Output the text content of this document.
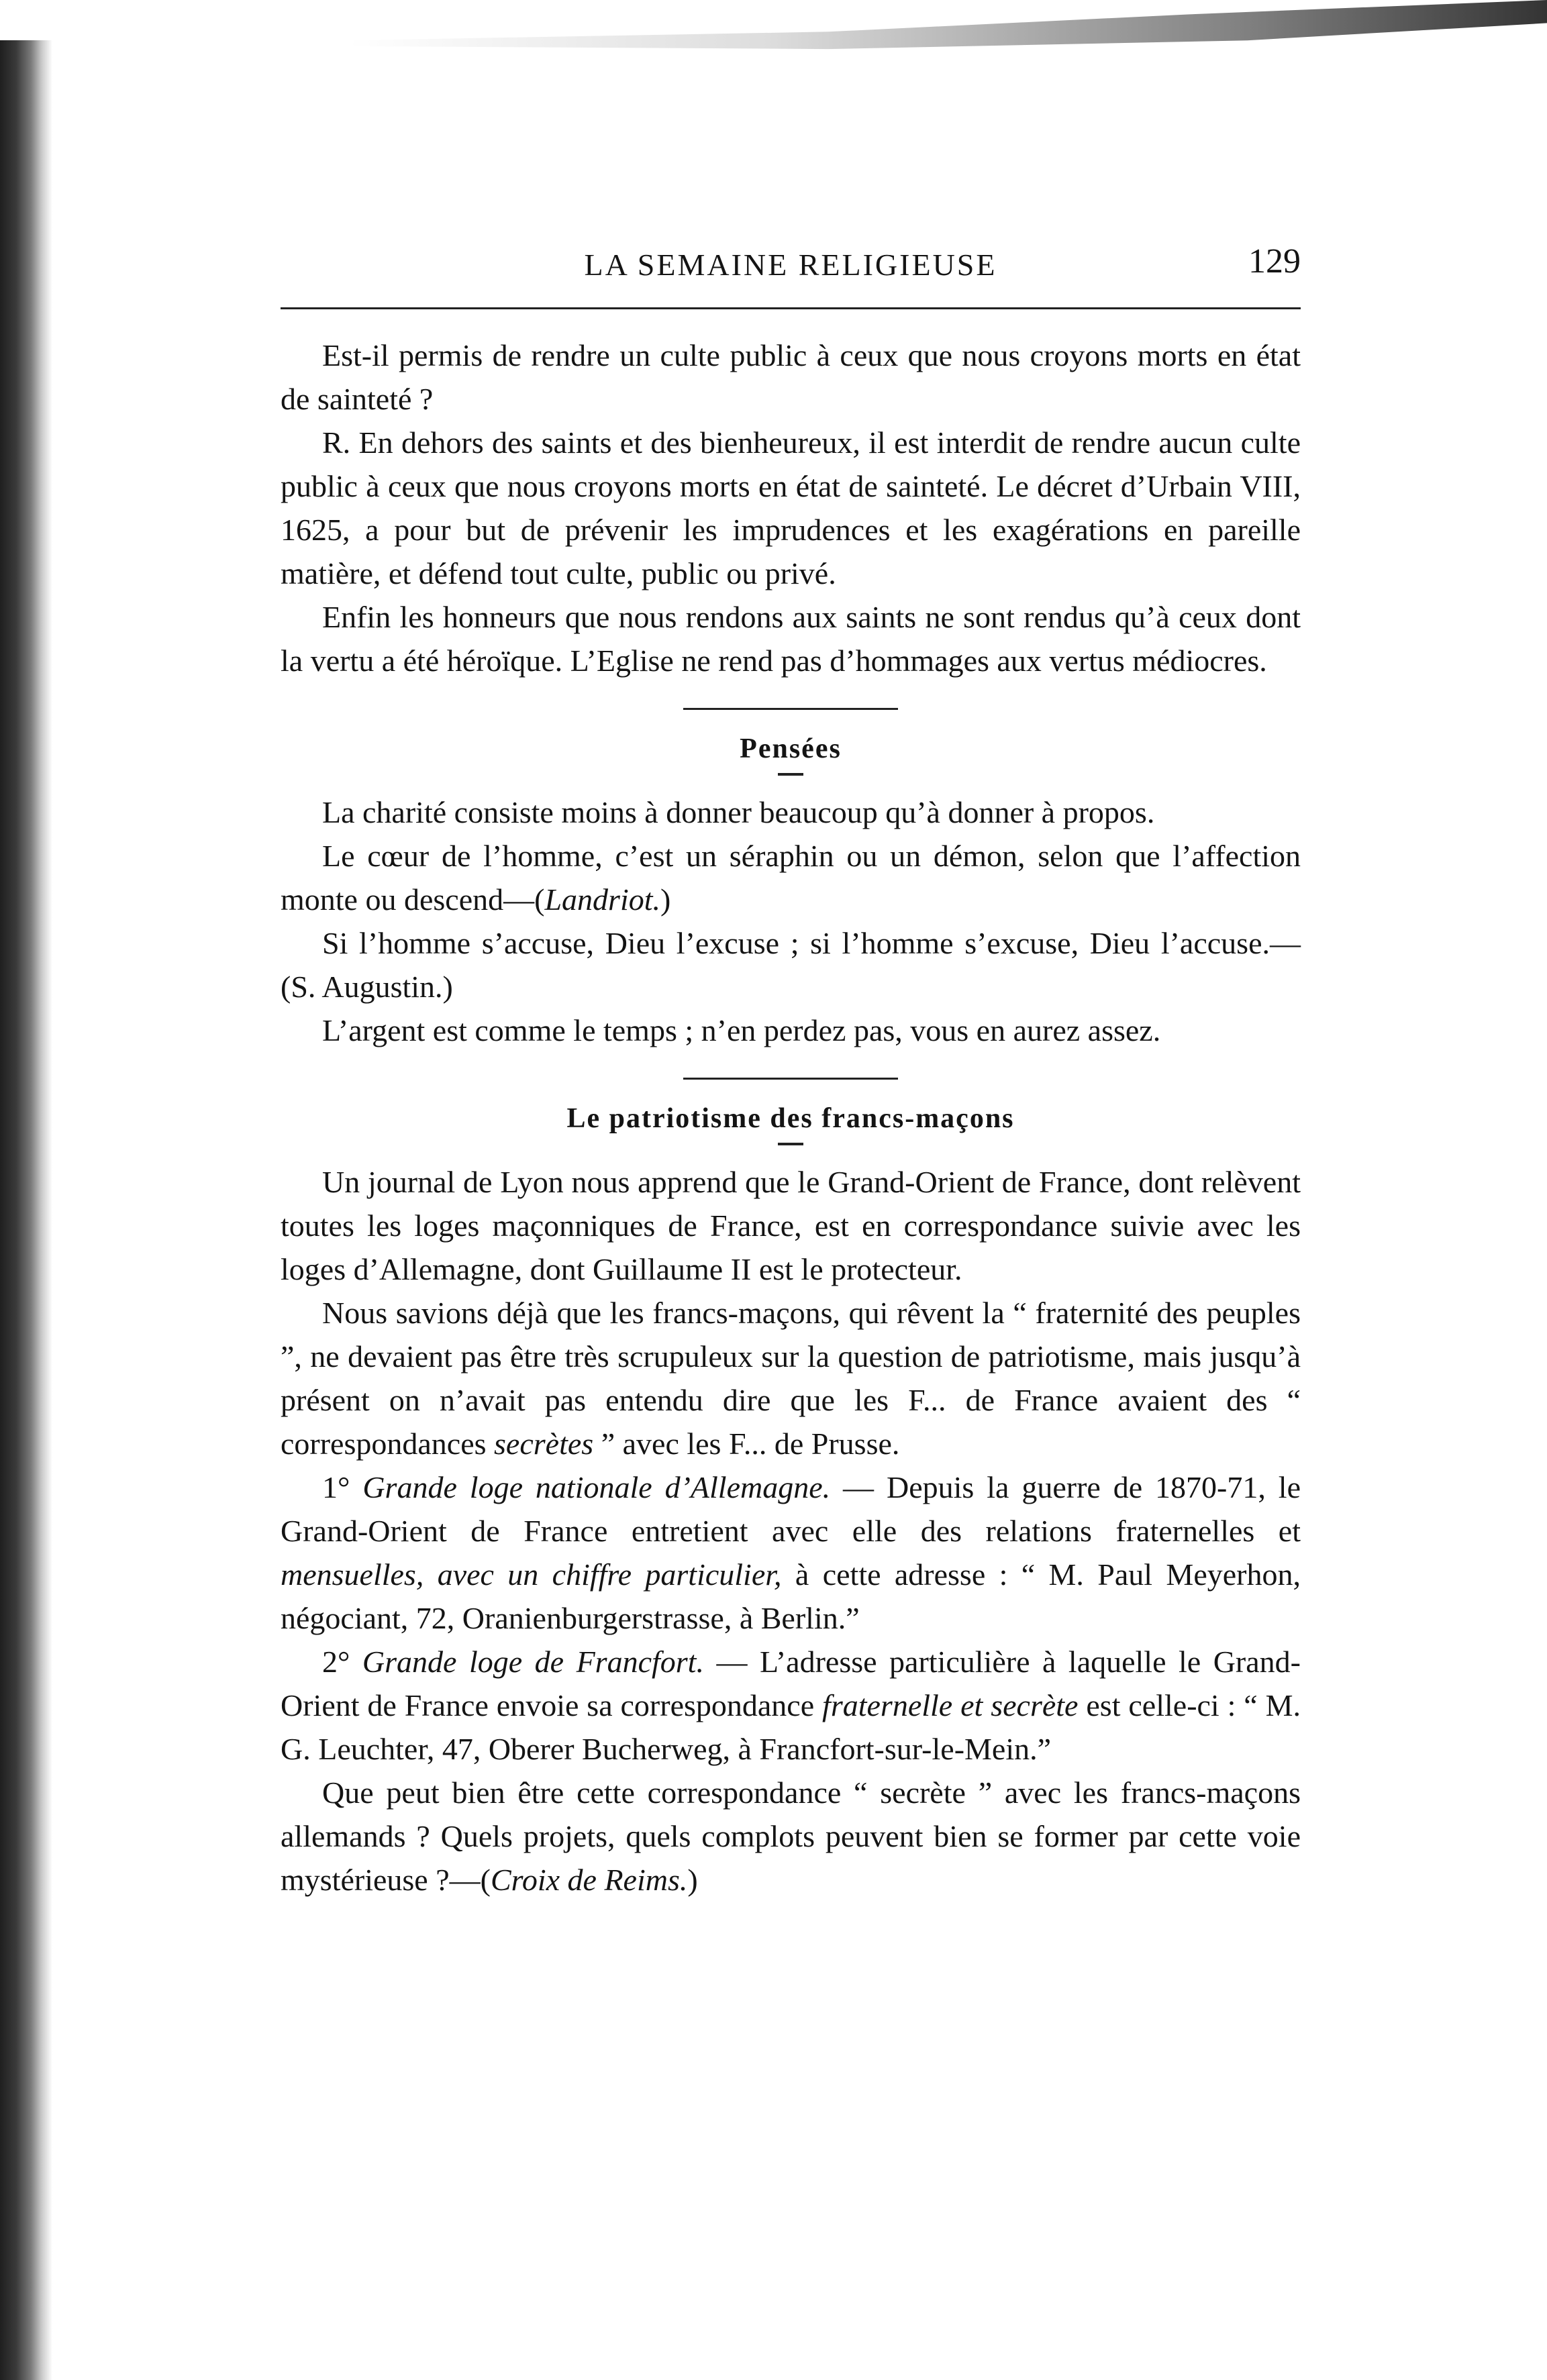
LA SEMAINE RELIGIEUSE	129

Est-il permis de rendre un culte public à ceux que nous croyons morts en état de sainteté ?

R. En dehors des saints et des bienheureux, il est interdit de rendre aucun culte public à ceux que nous croyons morts en état de sainteté. Le décret d’Urbain VIII, 1625, a pour but de prévenir les imprudences et les exagérations en pareille matière, et défend tout culte, public ou privé.

Enfin les honneurs que nous rendons aux saints ne sont rendus qu’à ceux dont la vertu a été héroïque. L’Eglise ne rend pas d’hommages aux vertus médiocres.

Pensées

La charité consiste moins à donner beaucoup qu’à donner à propos.

Le cœur de l’homme, c’est un séraphin ou un démon, selon que l’affection monte ou descend—(Landriot.)

Si l’homme s’accuse, Dieu l’excuse ; si l’homme s’excuse, Dieu l’accuse.—(S. Augustin.)

L’argent est comme le temps ; n’en perdez pas, vous en aurez assez.

Le patriotisme des francs-maçons

Un journal de Lyon nous apprend que le Grand-Orient de France, dont relèvent toutes les loges maçonniques de France, est en correspondance suivie avec les loges d’Allemagne, dont Guillaume II est le protecteur.

Nous savions déjà que les francs-maçons, qui rêvent la “ fraternité des peuples ”, ne devaient pas être très scrupuleux sur la question de patriotisme, mais jusqu’à présent on n’avait pas entendu dire que les F... de France avaient des “ correspondances secrètes ” avec les F... de Prusse.

1° Grande loge nationale d’Allemagne. — Depuis la guerre de 1870-71, le Grand-Orient de France entretient avec elle des relations fraternelles et mensuelles, avec un chiffre particulier, à cette adresse : “ M. Paul Meyerhon, négociant, 72, Oranienburgerstrasse, à Berlin.”

2° Grande loge de Francfort. — L’adresse particulière à laquelle le Grand-Orient de France envoie sa correspondance fraternelle et secrète est celle-ci : “ M. G. Leuchter, 47, Oberer Bucherweg, à Francfort-sur-le-Mein.”

Que peut bien être cette correspondance “ secrète ” avec les francs-maçons allemands ? Quels projets, quels complots peuvent bien se former par cette voie mystérieuse ?—(Croix de Reims.)
